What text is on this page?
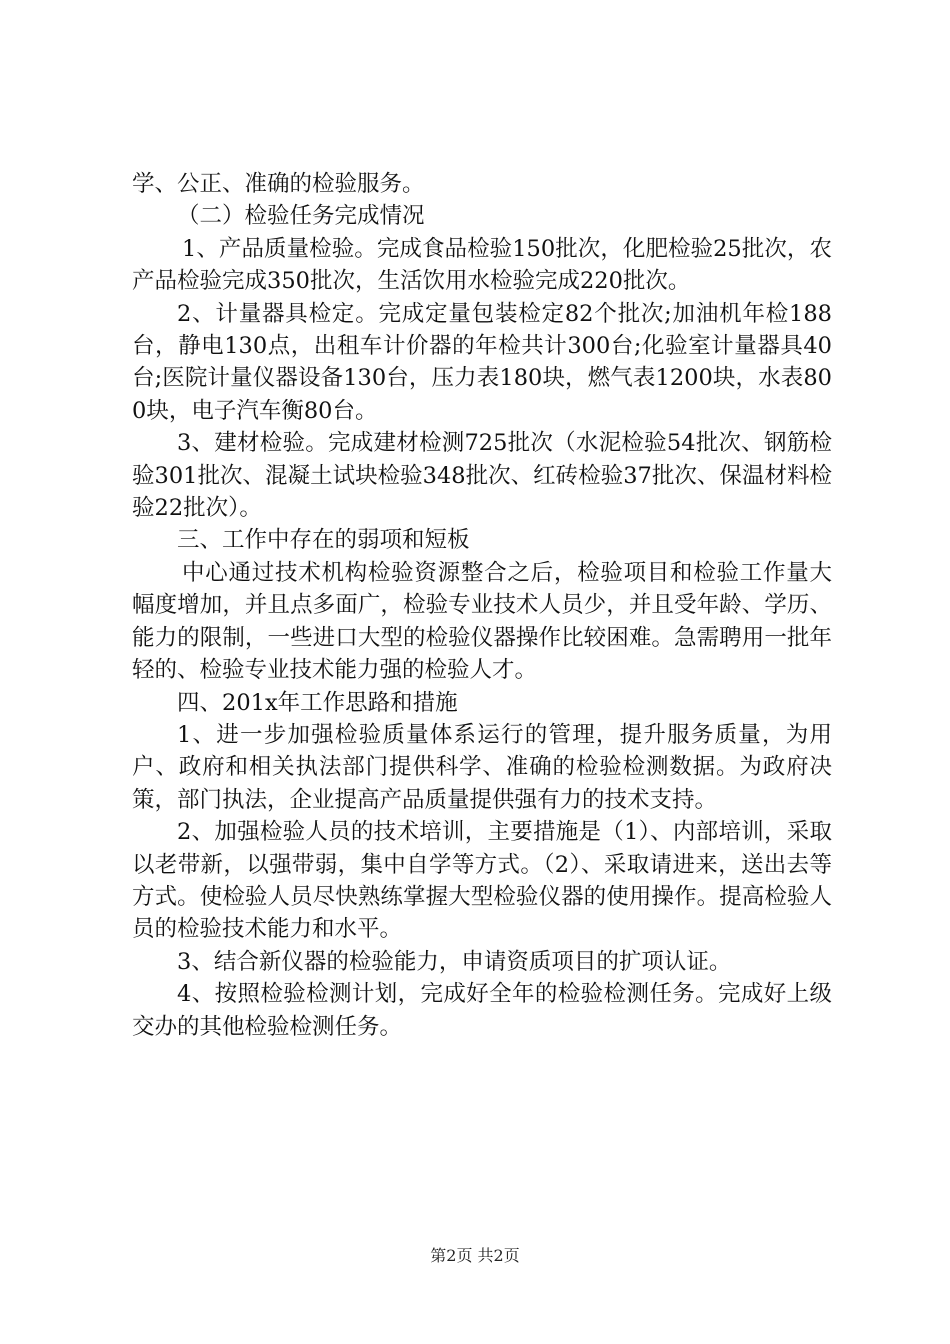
学、公正、准确的检验服务。

（二）检验任务完成情况

1、产品质量检验。完成食品检验150批次，化肥检验25批次，农产品检验完成350批次，生活饮用水检验完成220批次。

2、计量器具检定。完成定量包装检定82个批次;加油机年检188台，静电130点，出租车计价器的年检共计300台;化验室计量器具40台;医院计量仪器设备130台，压力表180块，燃气表1200块，水表800块，电子汽车衡80台。

3、建材检验。完成建材检测725批次（水泥检验54批次、钢筋检验301批次、混凝土试块检验348批次、红砖检验37批次、保温材料检验22批次）。

三、工作中存在的弱项和短板

中心通过技术机构检验资源整合之后，检验项目和检验工作量大幅度增加，并且点多面广，检验专业技术人员少，并且受年龄、学历、能力的限制，一些进口大型的检验仪器操作比较困难。急需聘用一批年轻的、检验专业技术能力强的检验人才。

四、201x年工作思路和措施

1、进一步加强检验质量体系运行的管理，提升服务质量，为用户、政府和相关执法部门提供科学、准确的检验检测数据。为政府决策，部门执法，企业提高产品质量提供强有力的技术支持。

2、加强检验人员的技术培训，主要措施是（1）、内部培训，采取以老带新，以强带弱，集中自学等方式。（2）、采取请进来，送出去等方式。使检验人员尽快熟练掌握大型检验仪器的使用操作。提高检验人员的检验技术能力和水平。

3、结合新仪器的检验能力，申请资质项目的扩项认证。

4、按照检验检测计划，完成好全年的检验检测任务。完成好上级交办的其他检验检测任务。

第2页 共2页
